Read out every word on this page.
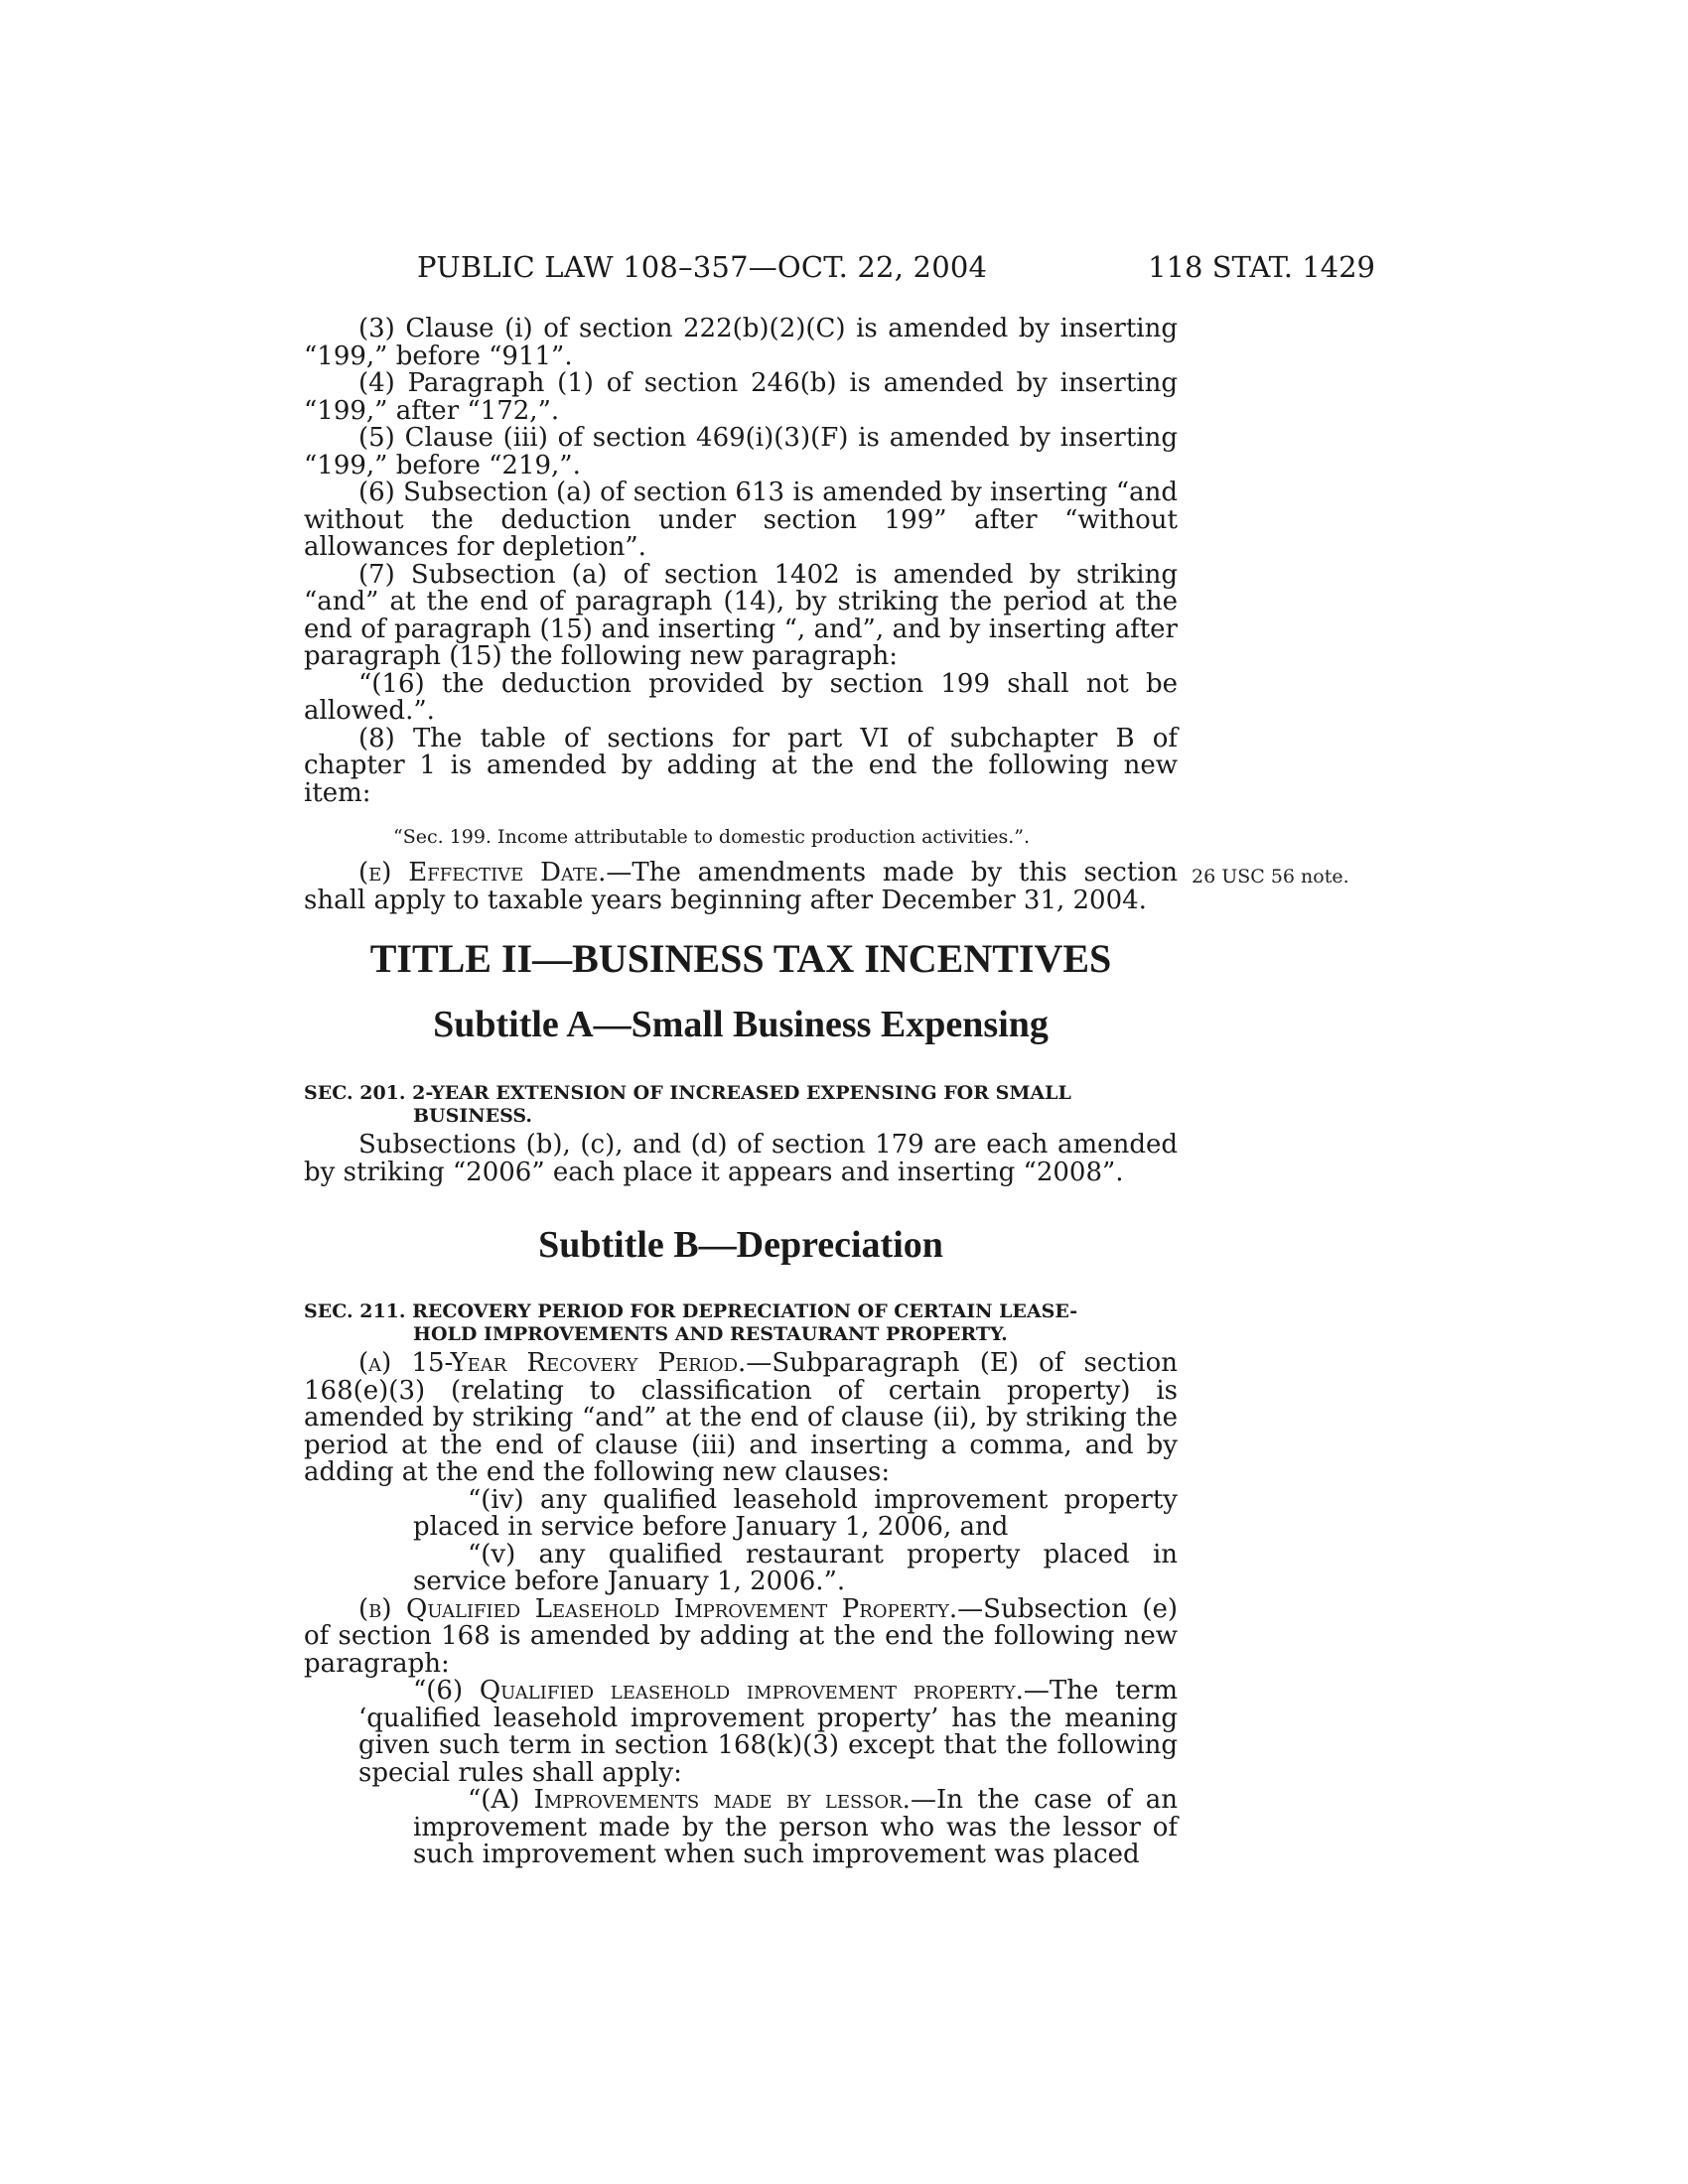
PUBLIC LAW 108–357—OCT. 22, 2004	118 STAT. 1429

(3) Clause (i) of section 222(b)(2)(C) is amended by inserting “199,” before “911”.

(4) Paragraph (1) of section 246(b) is amended by inserting “199,” after “172,”.

(5) Clause (iii) of section 469(i)(3)(F) is amended by inserting “199,” before “219,”.

(6) Subsection (a) of section 613 is amended by inserting “and without the deduction under section 199” after “without allowances for depletion”.

(7) Subsection (a) of section 1402 is amended by striking “and” at the end of paragraph (14), by striking the period at the end of paragraph (15) and inserting “, and”, and by inserting after paragraph (15) the following new paragraph:

“(16) the deduction provided by section 199 shall not be allowed.”.

(8) The table of sections for part VI of subchapter B of chapter 1 is amended by adding at the end the following new item:

“Sec. 199. Income attributable to domestic production activities.”.

(e) Effective Date.—The amendments made by this section shall apply to taxable years beginning after December 31, 2004.

26 USC 56 note.
TITLE II—BUSINESS TAX INCENTIVES
Subtitle A—Small Business Expensing

SEC. 201. 2-YEAR EXTENSION OF INCREASED EXPENSING FOR SMALL
BUSINESS.

Subsections (b), (c), and (d) of section 179 are each amended by striking “2006” each place it appears and inserting “2008”.

Subtitle B—Depreciation

SEC. 211. RECOVERY PERIOD FOR DEPRECIATION OF CERTAIN LEASE-
HOLD IMPROVEMENTS AND RESTAURANT PROPERTY.

(a) 15-Year Recovery Period.—Subparagraph (E) of section 168(e)(3) (relating to classification of certain property) is amended by striking “and” at the end of clause (ii), by striking the period at the end of clause (iii) and inserting a comma, and by adding at the end the following new clauses:

“(iv) any qualified leasehold improvement property placed in service before January 1, 2006, and

“(v) any qualified restaurant property placed in service before January 1, 2006.”.

(b) Qualified Leasehold Improvement Property.—Subsection (e) of section 168 is amended by adding at the end the following new paragraph:

“(6) Qualified leasehold improvement property.—The term ‘qualified leasehold improvement property’ has the meaning given such term in section 168(k)(3) except that the following special rules shall apply:

“(A) Improvements made by lessor.—In the case of an improvement made by the person who was the lessor of such improvement when such improvement was placed
